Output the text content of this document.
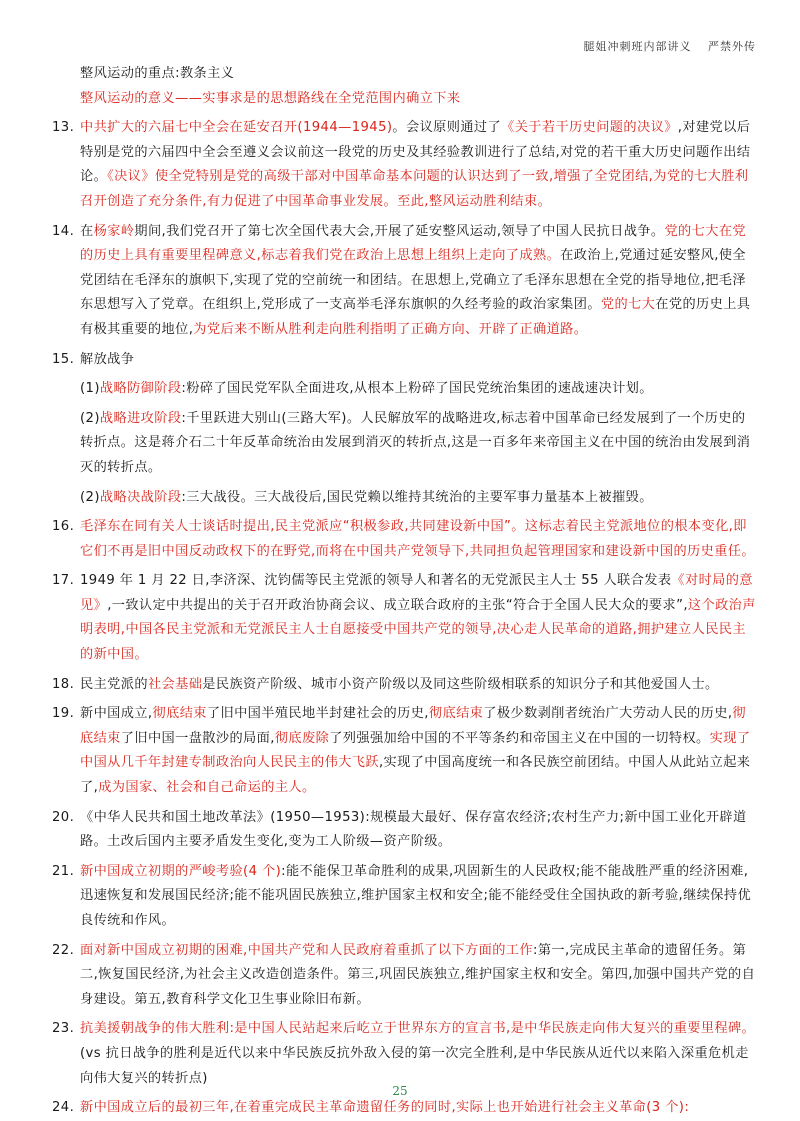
腿姐冲刺班内部讲义 严禁外传

整风运动的重点:教条主义

整风运动的意义——实事求是的思想路线在全党范围内确立下来

13. 中共扩大的六届七中全会在延安召开(1944—1945)。会议原则通过了《关于若干历史问题的决议》,对建党以后特别是党的六届四中全会至遵义会议前这一段党的历史及其经验教训进行了总结,对党的若干重大历史问题作出结论。《决议》使全党特别是党的高级干部对中国革命基本问题的认识达到了一致,增强了全党团结,为党的七大胜利召开创造了充分条件,有力促进了中国革命事业发展。至此,整风运动胜利结束。
14. 在杨家岭期间,我们党召开了第七次全国代表大会,开展了延安整风运动,领导了中国人民抗日战争。党的七大在党的历史上具有重要里程碑意义,标志着我们党在政治上思想上组织上走向了成熟。在政治上,党通过延安整风,使全党团结在毛泽东的旗帜下,实现了党的空前统一和团结。在思想上,党确立了毛泽东思想在全党的指导地位,把毛泽东思想写入了党章。在组织上,党形成了一支高举毛泽东旗帜的久经考验的政治家集团。党的七大在党的历史上具有极其重要的地位,为党后来不断从胜利走向胜利指明了正确方向、开辟了正确道路。
15. 解放战争
(1)战略防御阶段:粉碎了国民党军队全面进攻,从根本上粉碎了国民党统治集团的速战速决计划。
(2)战略进攻阶段:千里跃进大别山(三路大军)。人民解放军的战略进攻,标志着中国革命已经发展到了一个历史的转折点。这是蒋介石二十年反革命统治由发展到消灭的转折点,这是一百多年来帝国主义在中国的统治由发展到消灭的转折点。
(2)战略决战阶段:三大战役。三大战役后,国民党赖以维持其统治的主要军事力量基本上被摧毁。
16. 毛泽东在同有关人士谈话时提出,民主党派应“积极参政,共同建设新中国”。这标志着民主党派地位的根本变化,即它们不再是旧中国反动政权下的在野党,而将在中国共产党领导下,共同担负起管理国家和建设新中国的历史重任。
17. 1949 年 1 月 22 日,李济深、沈钧儒等民主党派的领导人和著名的无党派民主人士 55 人联合发表《对时局的意见》,一致认定中共提出的关于召开政治协商会议、成立联合政府的主张“符合于全国人民大众的要求”,这个政治声明表明,中国各民主党派和无党派民主人士自愿接受中国共产党的领导,决心走人民革命的道路,拥护建立人民民主的新中国。
18. 民主党派的社会基础是民族资产阶级、城市小资产阶级以及同这些阶级相联系的知识分子和其他爱国人士。
19. 新中国成立,彻底结束了旧中国半殖民地半封建社会的历史,彻底结束了极少数剥削者统治广大劳动人民的历史,彻底结束了旧中国一盘散沙的局面,彻底废除了列强强加给中国的不平等条约和帝国主义在中国的一切特权。实现了中国从几千年封建专制政治向人民民主的伟大飞跃,实现了中国高度统一和各民族空前团结。中国人从此站立起来了,成为国家、社会和自己命运的主人。
20. 《中华人民共和国土地改革法》(1950—1953):规模最大最好、保存富农经济;农村生产力;新中国工业化开辟道路。土改后国内主要矛盾发生变化,变为工人阶级—资产阶级。
21. 新中国成立初期的严峻考验(4 个):能不能保卫革命胜利的成果,巩固新生的人民政权;能不能战胜严重的经济困难,迅速恢复和发展国民经济;能不能巩固民族独立,维护国家主权和安全;能不能经受住全国执政的新考验,继续保持优良传统和作风。
22. 面对新中国成立初期的困难,中国共产党和人民政府着重抓了以下方面的工作:第一,完成民主革命的遗留任务。第二,恢复国民经济,为社会主义改造创造条件。第三,巩固民族独立,维护国家主权和安全。第四,加强中国共产党的自身建设。第五,教育科学文化卫生事业除旧布新。
23. 抗美援朝战争的伟大胜利:是中国人民站起来后屹立于世界东方的宣言书,是中华民族走向伟大复兴的重要里程碑。(vs 抗日战争的胜利是近代以来中华民族反抗外敌入侵的第一次完全胜利,是中华民族从近代以来陷入深重危机走向伟大复兴的转折点)
24. 新中国成立后的最初三年,在着重完成民主革命遗留任务的同时,实际上也开始进行社会主义革命(3 个):
25
